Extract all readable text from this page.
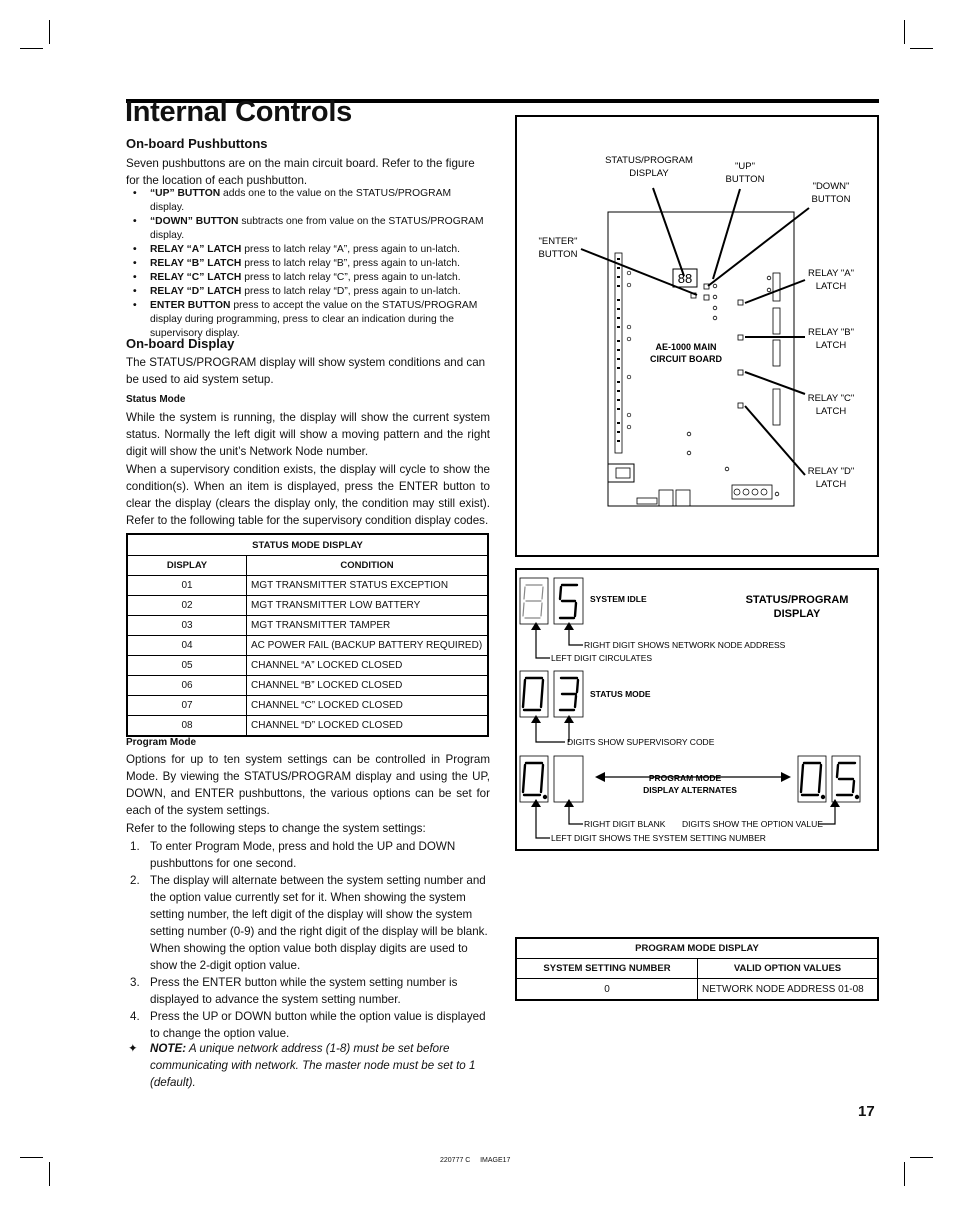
Internal Controls
On-board Pushbuttons
Seven pushbuttons are on the main circuit board. Refer to the figure for the location of each pushbutton.
• “UP” BUTTON adds one to the value on the STATUS/PROGRAM display.
• “DOWN” BUTTON subtracts one from value on the STATUS/PROGRAM display.
• RELAY “A” LATCH press to latch relay “A”, press again to un-latch.
• RELAY “B” LATCH press to latch relay “B”, press again to un-latch.
• RELAY “C” LATCH press to latch relay “C”, press again to un-latch.
• RELAY “D” LATCH press to latch relay “D”, press again to un-latch.
• ENTER BUTTON press to accept the value on the STATUS/PROGRAM display during programming, press to clear an indication during the supervisory display.
On-board Display
The STATUS/PROGRAM display will show system conditions and can be used to aid system setup.
Status Mode
While the system is running, the display will show the current system status. Normally the left digit will show a moving pattern and the right digit will show the unit’s Network Node number.
When a supervisory condition exists, the display will cycle to show the condition(s). When an item is displayed, press the ENTER button to clear the display (clears the display only, the condition may still exist). Refer to the following table for the supervisory condition display codes.
STATUS MODE DISPLAY	
DISPLAY	CONDITION
01	MGT TRANSMITTER STATUS EXCEPTION
02	MGT TRANSMITTER LOW BATTERY
03	MGT TRANSMITTER TAMPER
04	AC POWER FAIL (BACKUP BATTERY REQUIRED)
05	CHANNEL “A” LOCKED CLOSED
06	CHANNEL “B” LOCKED CLOSED
07	CHANNEL “C” LOCKED CLOSED
08	CHANNEL “D” LOCKED CLOSED
Program Mode
Options for up to ten system settings can be controlled in Program Mode. By viewing the STATUS/PROGRAM display and using the UP, DOWN, and ENTER pushbuttons, the various options can be set for each of the system settings.
Refer to the following steps to change the system settings:
1. To enter Program Mode, press and hold the UP and DOWN pushbuttons for one second.
2. The display will alternate between the system setting number and the option value currently set for it. When showing the system setting number, the left digit of the display will show the system setting number (0-9) and the right digit of the display will be blank. When showing the option value both display digits are used to show the 2-digit option value.
3. Press the ENTER button while the system setting number is displayed to advance the system setting number.
4. Press the UP or DOWN button while the option value is displayed to change the option value.
✦ NOTE: A unique network address (1-8) must be set before communicating with network. The master node must be set to 1 (default).
88
STATUS/PROGRAM
DISPLAY
"UP"
BUTTON
"DOWN"
BUTTON
"ENTER"
BUTTON
RELAY "A"
LATCH
RELAY "B"
LATCH
RELAY "C"
LATCH
RELAY "D"
LATCH
AE-1000 MAIN
CIRCUIT BOARD
STATUS/PROGRAM
DISPLAY
SYSTEM IDLE
RIGHT DIGIT SHOWS NETWORK NODE ADDRESS
LEFT DIGIT CIRCULATES
STATUS MODE
DIGITS SHOW SUPERVISORY CODE
PROGRAM MODE
DISPLAY ALTERNATES
RIGHT DIGIT BLANK DIGITS SHOW THE OPTION VALUE
LEFT DIGIT SHOWS THE SYSTEM SETTING NUMBER
PROGRAM MODE DISPLAY	
SYSTEM SETTING NUMBER	VALID OPTION VALUES
0	NETWORK NODE ADDRESS 01-08
17
220777 C     IMAGE17
